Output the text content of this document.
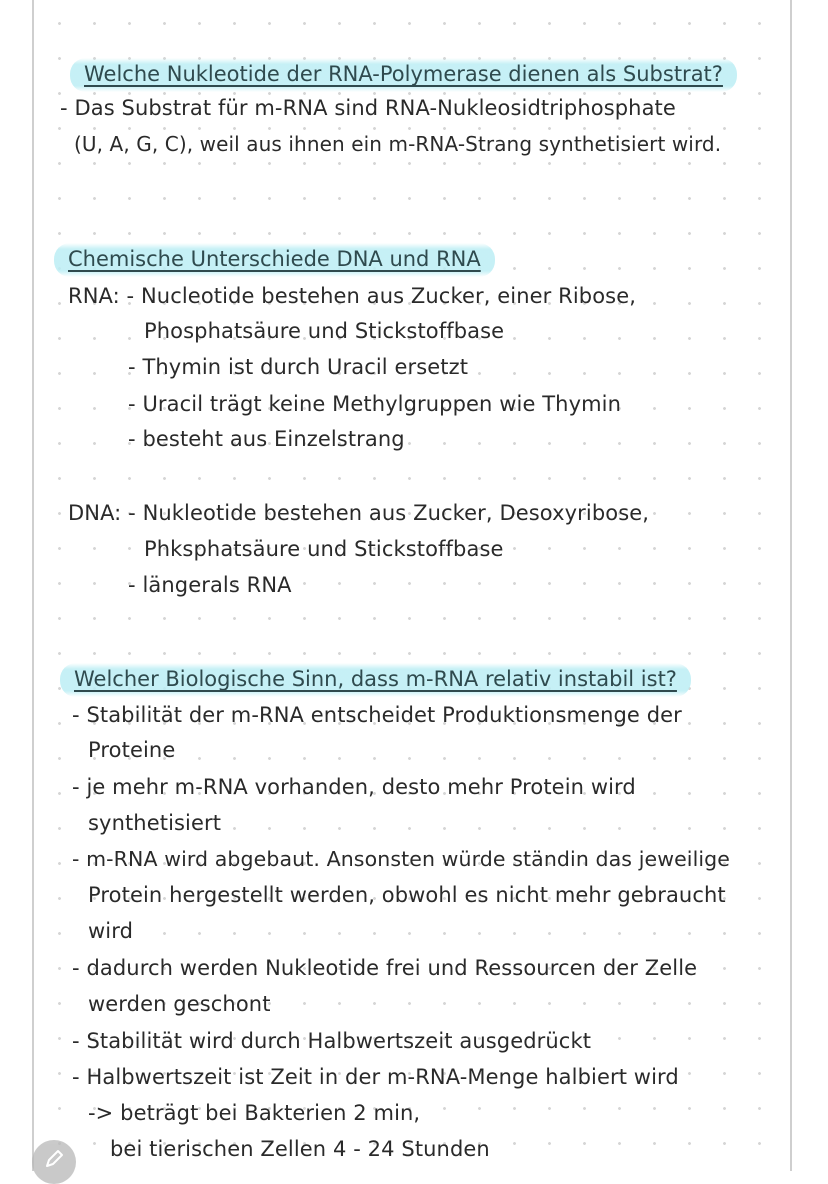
Welche Nukleotide der RNA-Polymerase dienen als Substrat?
- Das Substrat für m-RNA sind RNA-Nukleosidtriphosphate
(U, A, G, C), weil aus ihnen ein m-RNA-Strang synthetisiert wird.
Chemische Unterschiede DNA und RNA
RNA: - Nucleotide bestehen aus Zucker, einer Ribose,
Phosphatsäure und Stickstoffbase
- Thymin ist durch Uracil ersetzt
- Uracil trägt keine Methylgruppen wie Thymin
- besteht aus Einzelstrang
DNA: - Nukleotide bestehen aus Zucker, Desoxyribose,
Phksphatsäure und Stickstoffbase
- längerals RNA
Welcher Biologische Sinn, dass m-RNA relativ instabil ist?
- Stabilität der m-RNA entscheidet Produktionsmenge der
Proteine
- je mehr m-RNA vorhanden, desto mehr Protein wird
synthetisiert
- m-RNA wird abgebaut. Ansonsten würde ständin das jeweilige
Protein hergestellt werden, obwohl es nicht mehr gebraucht
wird
- dadurch werden Nukleotide frei und Ressourcen der Zelle
werden geschont
- Stabilität wird durch Halbwertszeit ausgedrückt
- Halbwertszeit ist Zeit in der m-RNA-Menge halbiert wird
-> beträgt bei Bakterien 2 min,
bei tierischen Zellen 4 - 24 Stunden
